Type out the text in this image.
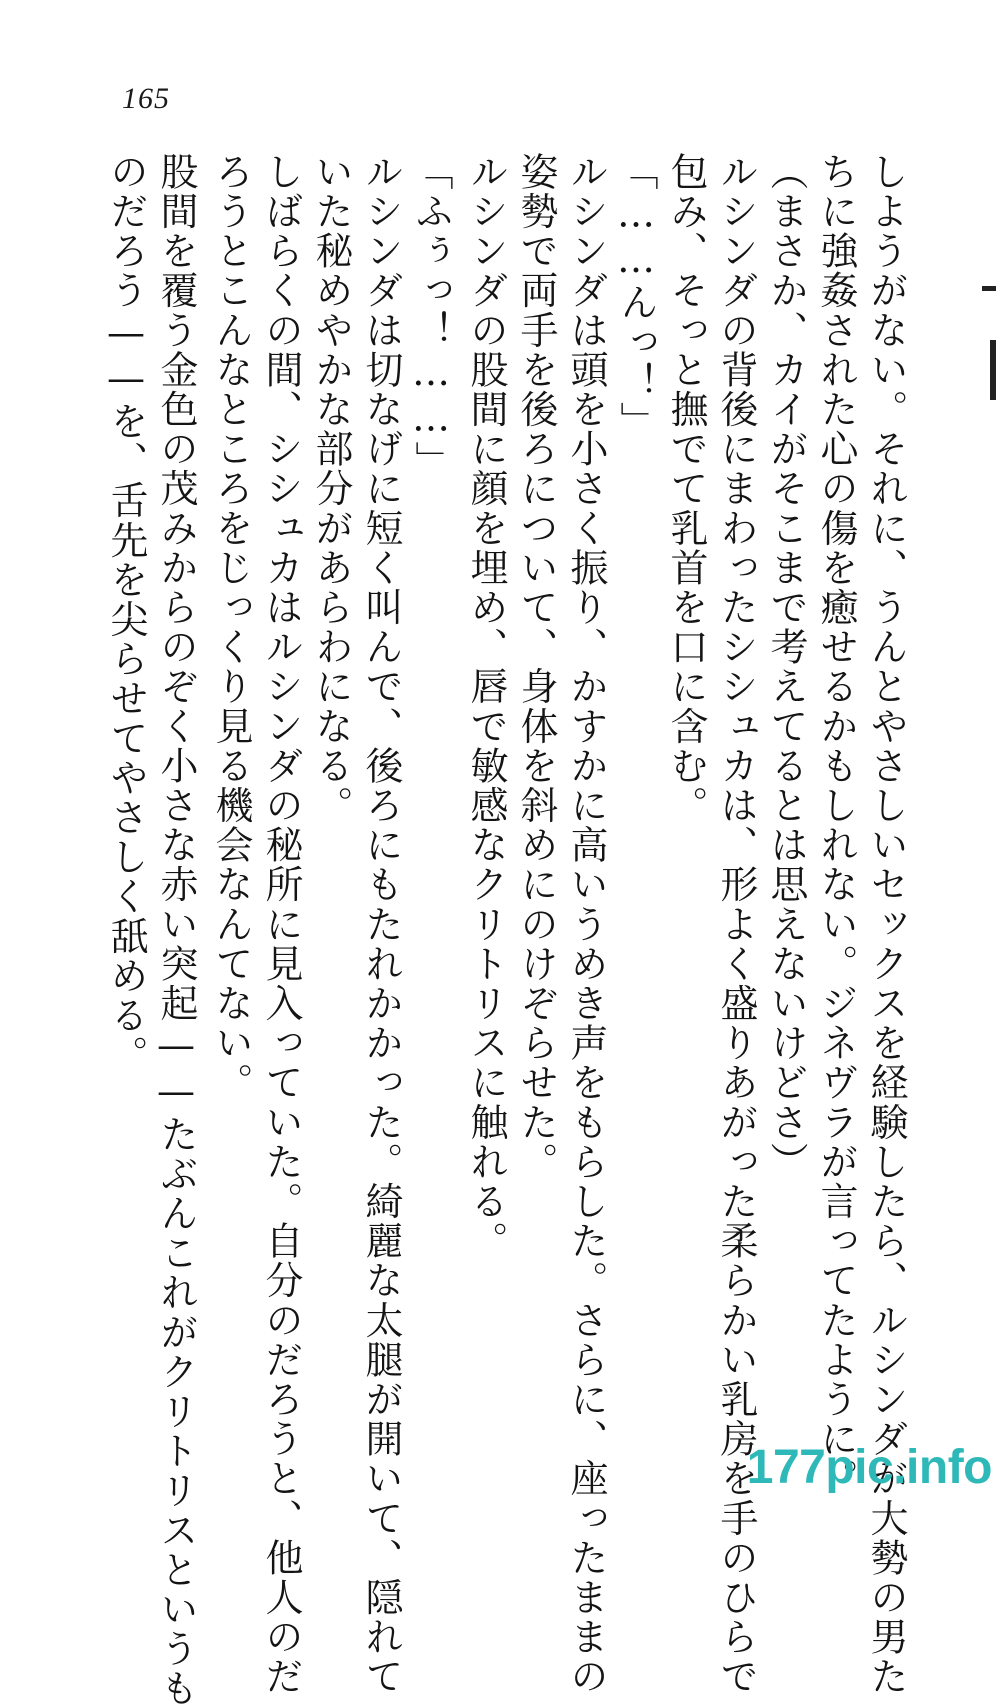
165
しようがない。それに、うんとやさしいセックスを経験したら、ルシンダが大勢の男た
ちに強姦された心の傷を癒せるかもしれない。ジネヴラが言ってたように。
（まさか、カイがそこまで考えてるとは思えないけどさ）
ルシンダの背後にまわったシシュカは、形よく盛りあがった柔らかい乳房を手のひらで
包み、そっと撫でて乳首を口に含む。
「……んっ！」
ルシンダは頭を小さく振り、かすかに高いうめき声をもらした。さらに、座ったままの
姿勢で両手を後ろについて、身体を斜めにのけぞらせた。
ルシンダの股間に顔を埋め、唇で敏感なクリトリスに触れる。
「ふぅっ！……」
ルシンダは切なげに短く叫んで、後ろにもたれかかった。綺麗な太腿が開いて、隠れて
いた秘めやかな部分があらわになる。
しばらくの間、シシュカはルシンダの秘所に見入っていた。自分のだろうと、他人のだ
ろうとこんなところをじっくり見る機会なんてない。
股間を覆う金色の茂みからのぞく小さな赤い突起——たぶんこれがクリトリスというも
のだろう——を、舌先を尖らせてやさしく舐める。
177pic.info
